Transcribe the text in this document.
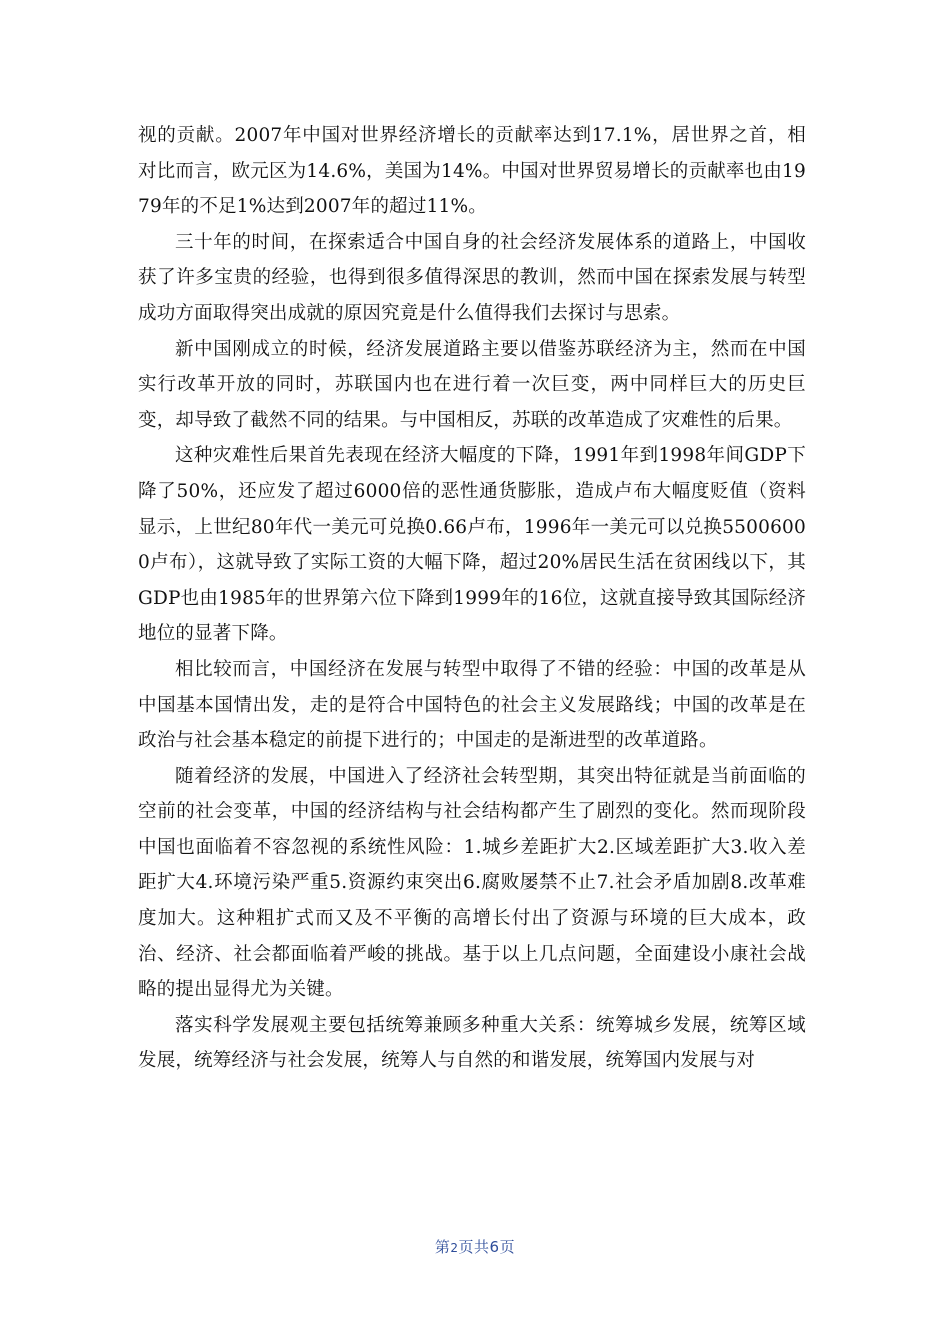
视的贡献。2007年中国对世界经济增长的贡献率达到17.1%，居世界之首，相对比而言，欧元区为14.6%，美国为14%。中国对世界贸易增长的贡献率也由1979年的不足1%达到2007年的超过11%。

三十年的时间，在探索适合中国自身的社会经济发展体系的道路上，中国收获了许多宝贵的经验，也得到很多值得深思的教训，然而中国在探索发展与转型成功方面取得突出成就的原因究竟是什么值得我们去探讨与思索。

新中国刚成立的时候，经济发展道路主要以借鉴苏联经济为主，然而在中国实行改革开放的同时，苏联国内也在进行着一次巨变，两中同样巨大的历史巨变，却导致了截然不同的结果。与中国相反，苏联的改革造成了灾难性的后果。

这种灾难性后果首先表现在经济大幅度的下降，1991年到1998年间GDP下降了50%，还应发了超过6000倍的恶性通货膨胀，造成卢布大幅度贬值（资料显示，上世纪80年代一美元可兑换0.66卢布，1996年一美元可以兑换55006000卢布），这就导致了实际工资的大幅下降，超过20%居民生活在贫困线以下，其GDP也由1985年的世界第六位下降到1999年的16位，这就直接导致其国际经济地位的显著下降。

相比较而言，中国经济在发展与转型中取得了不错的经验：中国的改革是从中国基本国情出发，走的是符合中国特色的社会主义发展路线；中国的改革是在政治与社会基本稳定的前提下进行的；中国走的是渐进型的改革道路。

随着经济的发展，中国进入了经济社会转型期，其突出特征就是当前面临的空前的社会变革，中国的经济结构与社会结构都产生了剧烈的变化。然而现阶段中国也面临着不容忽视的系统性风险：1.城乡差距扩大2.区域差距扩大3.收入差距扩大4.环境污染严重5.资源约束突出6.腐败屡禁不止7.社会矛盾加剧8.改革难度加大。这种粗扩式而又及不平衡的高增长付出了资源与环境的巨大成本，政治、经济、社会都面临着严峻的挑战。基于以上几点问题，全面建设小康社会战略的提出显得尤为关键。

落实科学发展观主要包括统筹兼顾多种重大关系：统筹城乡发展，统筹区域发展，统筹经济与社会发展，统筹人与自然的和谐发展，统筹国内发展与对

第2页共6页
